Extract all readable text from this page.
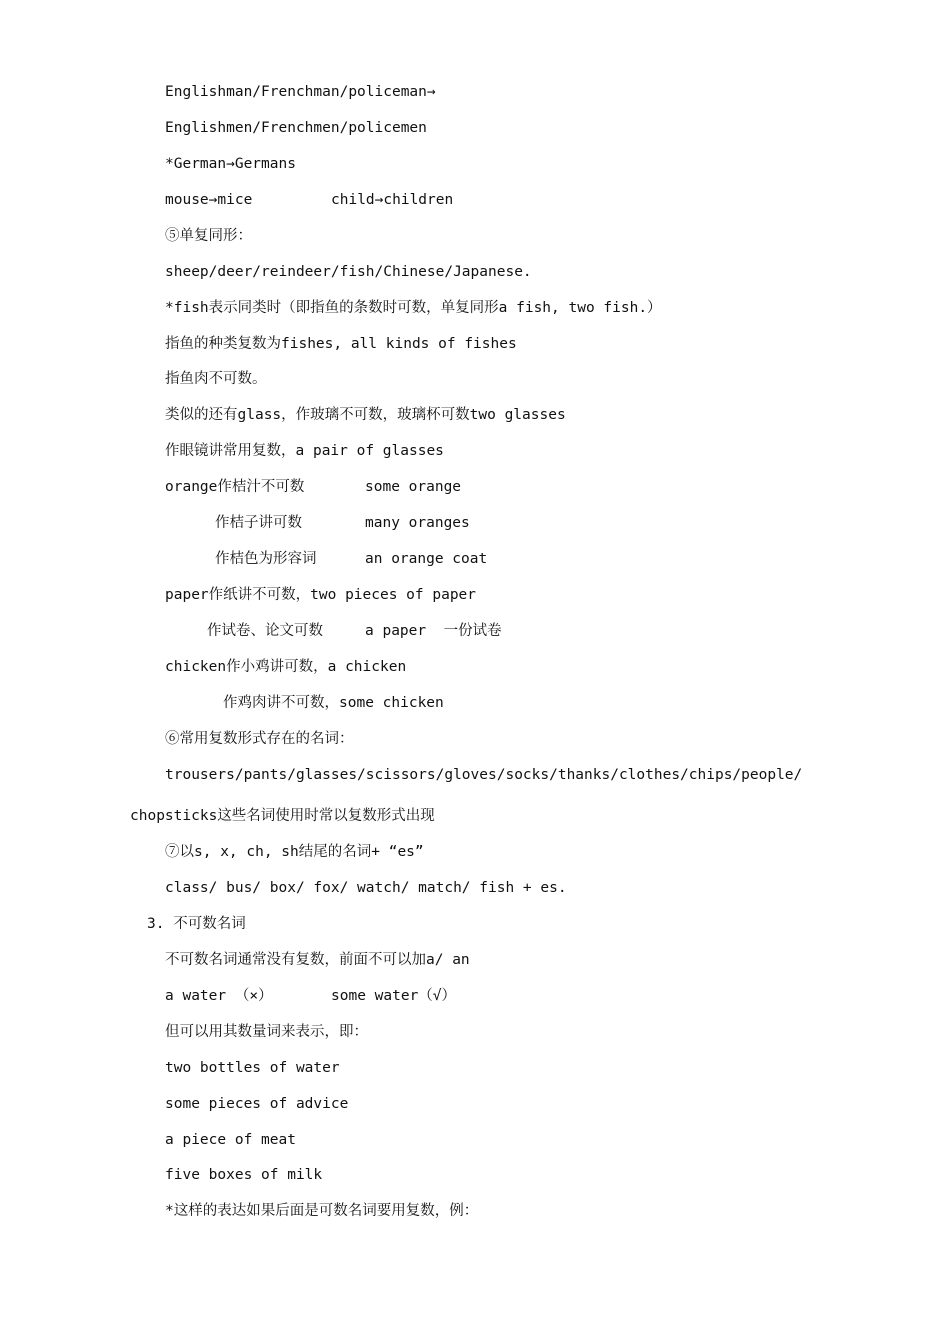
Englishman/Frenchman/policeman→
Englishmen/Frenchmen/policemen
*German→Germans
mouse→mice	child→children
⑤单复同形：
sheep/deer/reindeer/fish/Chinese/Japanese.
*fish表示同类时（即指鱼的条数时可数，单复同形a fish, two fish.）
指鱼的种类复数为fishes, all kinds of fishes
指鱼肉不可数。
类似的还有glass，作玻璃不可数，玻璃杯可数two glasses
作眼镜讲常用复数，a pair of glasses
orange作桔汁不可数	some orange
作桔子讲可数	many oranges
作桔色为形容词	an orange coat
paper作纸讲不可数，two pieces of paper
作试卷、论文可数	a paper  一份试卷
chicken作小鸡讲可数，a chicken
作鸡肉讲不可数，some chicken
⑥常用复数形式存在的名词：
trousers/pants/glasses/scissors/gloves/socks/thanks/clothes/chips/people/
chopsticks这些名词使用时常以复数形式出现
⑦以s, x, ch, sh结尾的名词+ “es”
class/ bus/ box/ fox/ watch/ match/ fish + es.
3. 不可数名词
不可数名词通常没有复数，前面不可以加a/ an
a water （×）	some water（√）
但可以用其数量词来表示，即：
two bottles of water
some pieces of advice
a piece of meat
five boxes of milk
*这样的表达如果后面是可数名词要用复数，例：
